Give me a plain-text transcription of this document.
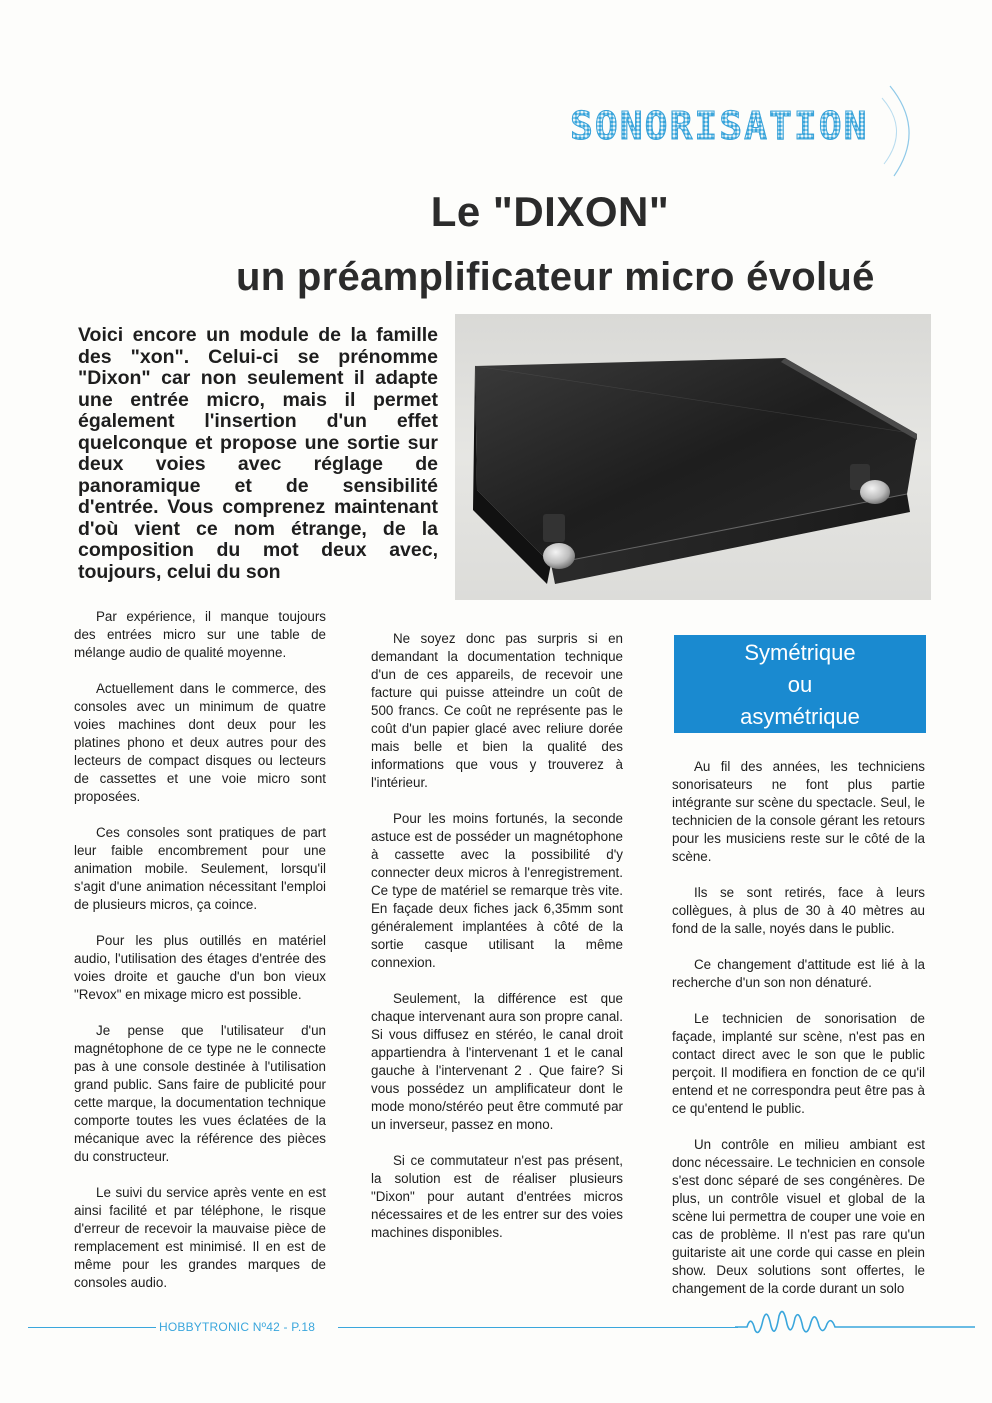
SONORISATION
Le "DIXON"
un préamplificateur micro évolué
Voici encore un module de la famille des "xon". Celui-ci se prénomme "Dixon" car non seulement il adapte une entrée micro, mais il permet également l'insertion d'un effet quelconque et propose une sortie sur deux voies avec réglage de panoramique et de sensibilité d'entrée. Vous comprenez maintenant d'où vient ce nom étrange, de la composition du mot deux avec, toujours, celui du son

Par expérience, il manque toujours des entrées micro sur une table de mélange audio de qualité moyenne.

Actuellement dans le commerce, des consoles avec un minimum de quatre voies machines dont deux pour les platines phono et deux autres pour des lecteurs de compact disques ou lecteurs de cassettes et une voie micro sont proposées.

Ces consoles sont pratiques de part leur faible encombrement pour une animation mobile. Seulement, lorsqu'il s'agit d'une animation nécessitant l'emploi de plusieurs micros, ça coince.

Pour les plus outillés en matériel audio, l'utilisation des étages d'entrée des voies droite et gauche d'un bon vieux "Revox" en mixage micro est possible.

Je pense que l'utilisateur d'un magnétophone de ce type ne le connecte pas à une console destinée à l'utilisation grand public. Sans faire de publicité pour cette marque, la documentation technique comporte toutes les vues éclatées de la mécanique avec la référence des pièces du constructeur.

Le suivi du service après vente en est ainsi facilité et par téléphone, le risque d'erreur de recevoir la mauvaise pièce de remplacement est minimisé. Il en est de même pour les grandes marques de consoles audio.

Ne soyez donc pas surpris si en demandant la documentation technique d'un de ces appareils, de recevoir une facture qui puisse atteindre un coût de 500 francs. Ce coût ne représente pas le coût d'un papier glacé avec reliure dorée mais belle et bien la qualité des informations que vous y trouverez à l'intérieur.

Pour les moins fortunés, la seconde astuce est de posséder un magnétophone à cassette avec la possibilité d'y connecter deux micros à l'enregistrement. Ce type de matériel se remarque très vite. En façade deux fiches jack 6,35mm sont généralement implantées à côté de la sortie casque utilisant la même connexion.

Seulement, la différence est que chaque intervenant aura son propre canal. Si vous diffusez en stéréo, le canal droit appartiendra à l'intervenant 1 et le canal gauche à l'intervenant 2 . Que faire? Si vous possédez un amplificateur dont le mode mono/stéréo peut être commuté par un inverseur, passez en mono.

Si ce commutateur n'est pas présent, la solution est de réaliser plusieurs "Dixon" pour autant d'entrées micros nécessaires et de les entrer sur des voies machines disponibles.

Symétrique
ou
asymétrique

Au fil des années, les techniciens sonorisateurs ne font plus partie intégrante sur scène du spectacle. Seul, le technicien de la console gérant les retours pour les musiciens reste sur le côté de la scène.

Ils se sont retirés, face à leurs collègues, à plus de 30 à 40 mètres au fond de la salle, noyés dans le public.

Ce changement d'attitude est lié à la recherche d'un son non dénaturé.

Le technicien de sonorisation de façade, implanté sur scène, n'est pas en contact direct avec le son que le public perçoit. Il modifiera en fonction de ce qu'il entend et ne correspondra peut être pas à ce qu'entend le public.

Un contrôle en milieu ambiant est donc nécessaire. Le technicien en console s'est donc séparé de ses congénères. De plus, un contrôle visuel et global de la scène lui permettra de couper une voie en cas de problème. Il n'est pas rare qu'un guitariste ait une corde qui casse en plein show. Deux solutions sont offertes, le changement de la corde durant un solo

HOBBYTRONIC Nº42 - P.18
